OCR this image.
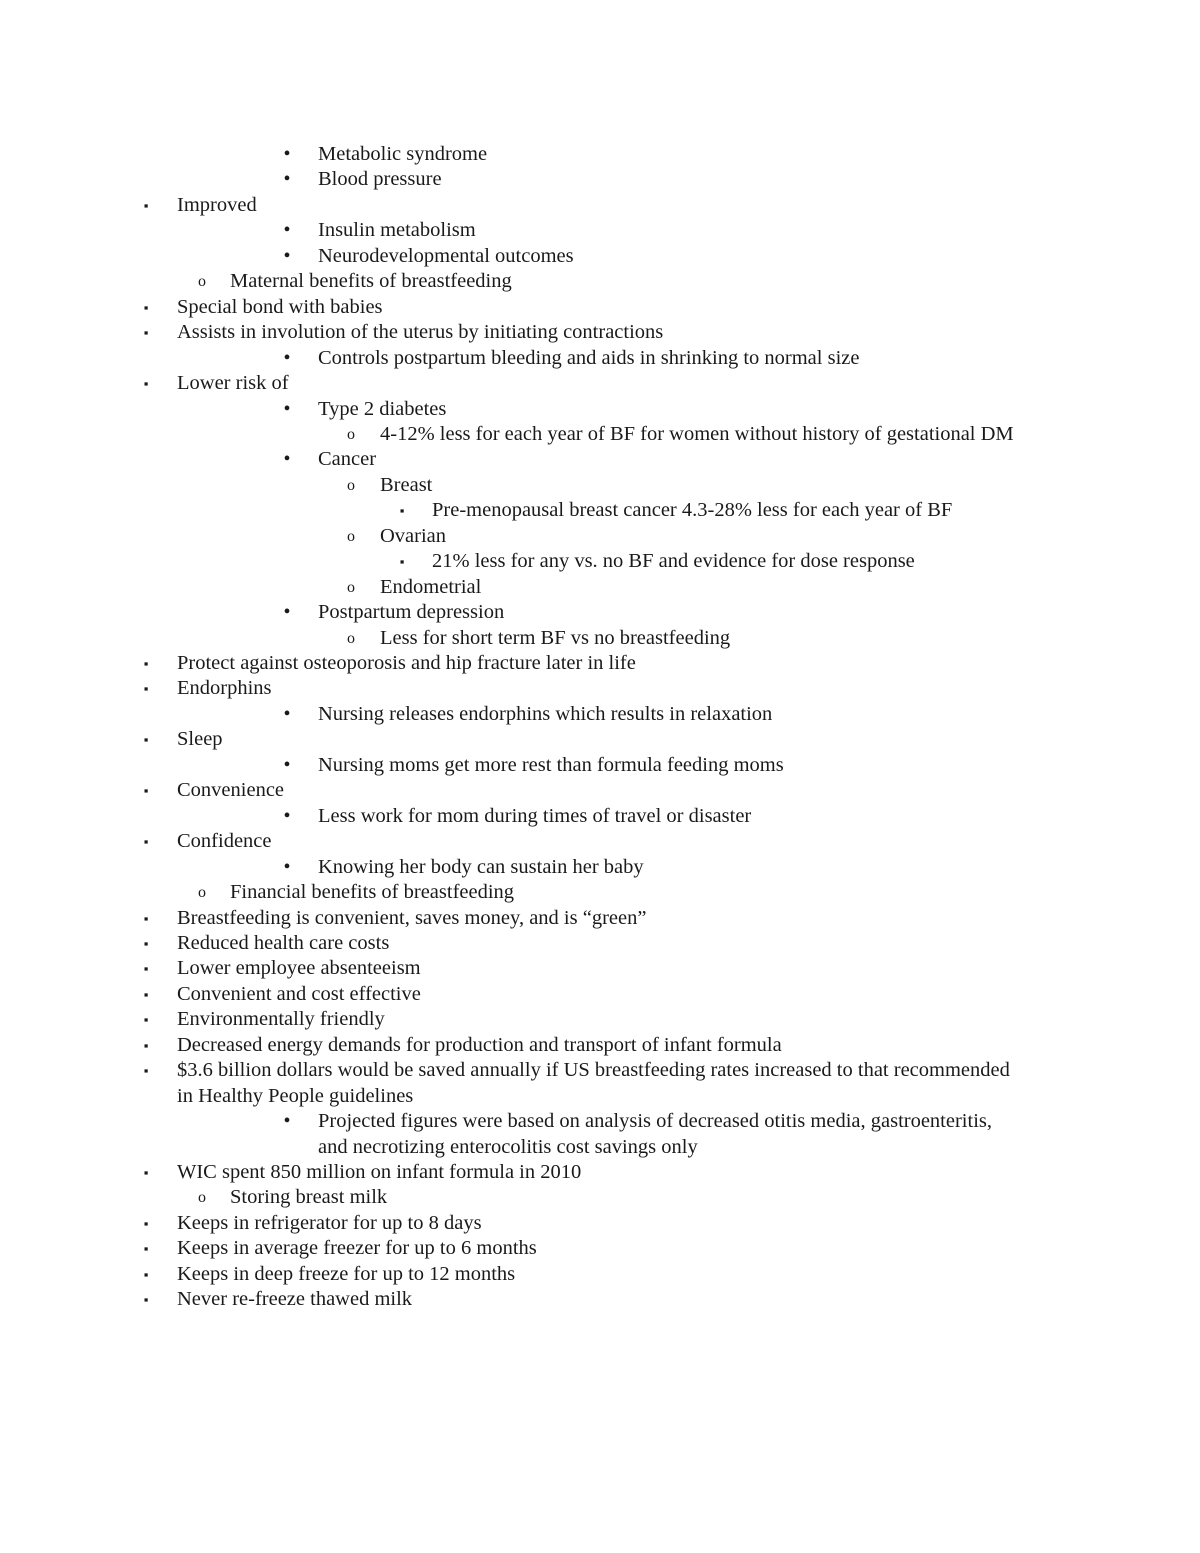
•	Metabolic syndrome
•	Blood pressure
▪	Improved
•	Insulin metabolism
•	Neurodevelopmental outcomes
o Maternal benefits of breastfeeding
▪	Special bond with babies
▪	Assists in involution of the uterus by initiating contractions
•	Controls postpartum bleeding and aids in shrinking to normal size
▪	Lower risk of
•	Type 2 diabetes
o 4-12% less for each year of BF for women without history of gestational DM
•	Cancer
o Breast
▪	Pre-menopausal breast cancer 4.3-28% less for each year of BF
o Ovarian
▪	21% less for any vs. no BF and evidence for dose response
o Endometrial
•	Postpartum depression
o Less for short term BF vs no breastfeeding
▪	Protect against osteoporosis and hip fracture later in life
▪	Endorphins
•	Nursing releases endorphins which results in relaxation
▪	Sleep
•	Nursing moms get more rest than formula feeding moms
▪	Convenience
•	Less work for mom during times of travel or disaster
▪	Confidence
•	Knowing her body can sustain her baby
o Financial benefits of breastfeeding
▪	Breastfeeding is convenient, saves money, and is “green”
▪	Reduced health care costs
▪	Lower employee absenteeism
▪	Convenient and cost effective
▪	Environmentally friendly
▪	Decreased energy demands for production and transport of infant formula
▪	$3.6 billion dollars would be saved annually if US breastfeeding rates increased to that recommended
in Healthy People guidelines
•	Projected figures were based on analysis of decreased otitis media, gastroenteritis,
and necrotizing enterocolitis cost savings only
▪	WIC spent 850 million on infant formula in 2010
o Storing breast milk
▪	Keeps in refrigerator for up to 8 days
▪	Keeps in average freezer for up to 6 months
▪	Keeps in deep freeze for up to 12 months
▪	Never re-freeze thawed milk
